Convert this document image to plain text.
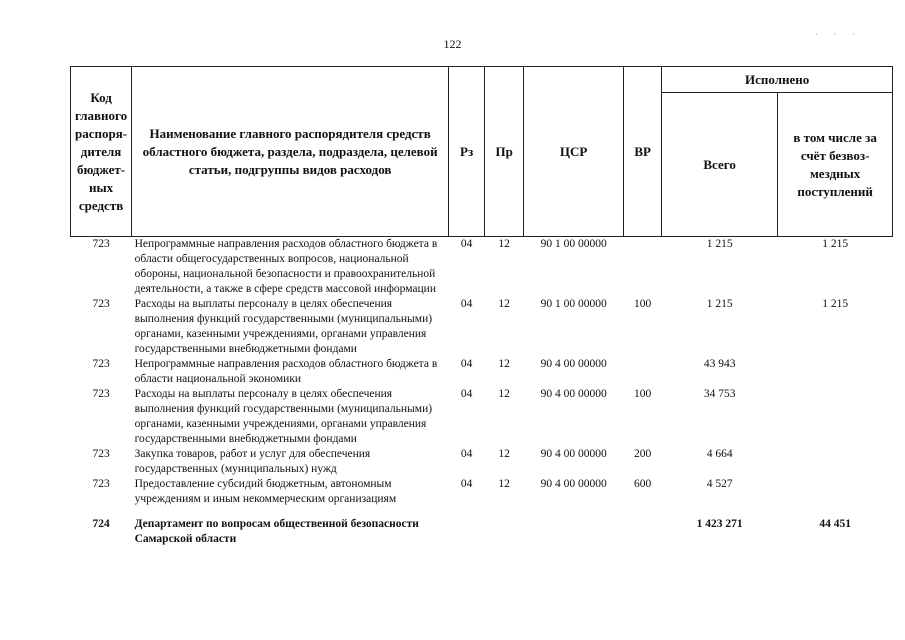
122
·        ·        ·
Код главного распоря-дителя бюджет-ных средств	Наименование главного распорядителя средств областного бюджета, раздела, подраздела, целевой статьи, подгруппы видов расходов	Рз	Пр	ЦСР	ВР	Исполнено	
						Всего	в том числе за счёт безвоз-мездных поступлений
723	Непрограммные направления расходов областного бюджета в области общегосударственных вопросов, национальной обороны, национальной безопасности и правоохранительной деятельности, а также в сфере средств массовой информации	04	12	90 1 00 00000		1 215	1 215
723	Расходы на выплаты персоналу в целях обеспечения выполнения функций государственными (муниципальными) органами, казенными учреждениями, органами управления государственными внебюджетными фондами	04	12	90 1 00 00000	100	1 215	1 215
723	Непрограммные направления расходов областного бюджета в области национальной экономики	04	12	90 4 00 00000		43 943	
723	Расходы на выплаты персоналу в целях обеспечения выполнения функций государственными (муниципальными) органами, казенными учреждениями, органами управления государственными внебюджетными фондами	04	12	90 4 00 00000	100	34 753	
723	Закупка товаров, работ и услуг для обеспечения государственных (муниципальных) нужд	04	12	90 4 00 00000	200	4 664	
723	Предоставление субсидий бюджетным, автономным учреждениям и иным некоммерческим организациям	04	12	90 4 00 00000	600	4 527	

724	Департамент по вопросам общественной безопасности Самарской области					1 423 271	44 451
